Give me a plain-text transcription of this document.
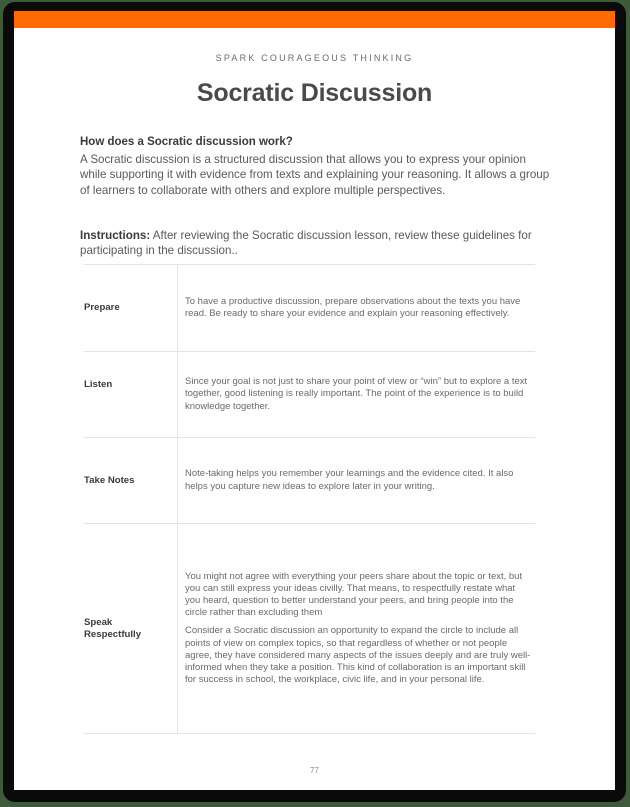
SPARK COURAGEOUS THINKING
Socratic Discussion
How does a Socratic discussion work?
A Socratic discussion is a structured discussion that allows you to express your opinion while supporting it with evidence from texts and explaining your reasoning. It allows a group of learners to collaborate with others and explore multiple perspectives.
Instructions: After reviewing the Socratic discussion lesson, review these guidelines for participating in the discussion..
Prepare	To have a productive discussion, prepare observations about the texts you have read. Be ready to share your evidence and explain your reasoning effectively.

Listen	Since your goal is not just to share your point of view or “win” but to explore a text together, good listening is really important. The point of the experience is to build knowledge together.

Take Notes	Note-taking helps you remember your learnings and the evidence cited. It also helps you capture new ideas to explore later in your writing.

Speak Respectfully	You might not agree with everything your peers share about the topic or text, but you can still express your ideas civilly. That means, to respectfully restate what you heard, question to better understand your peers, and bring people into the circle rather than excluding them

Consider a Socratic discussion an opportunity to expand the circle to include all points of view on complex topics, so that regardless of whether or not people agree, they have considered many aspects of the issues deeply and are truly well-informed when they take a position. This kind of collaboration is an important skill for success in school, the workplace, civic life, and in your personal life.

77
